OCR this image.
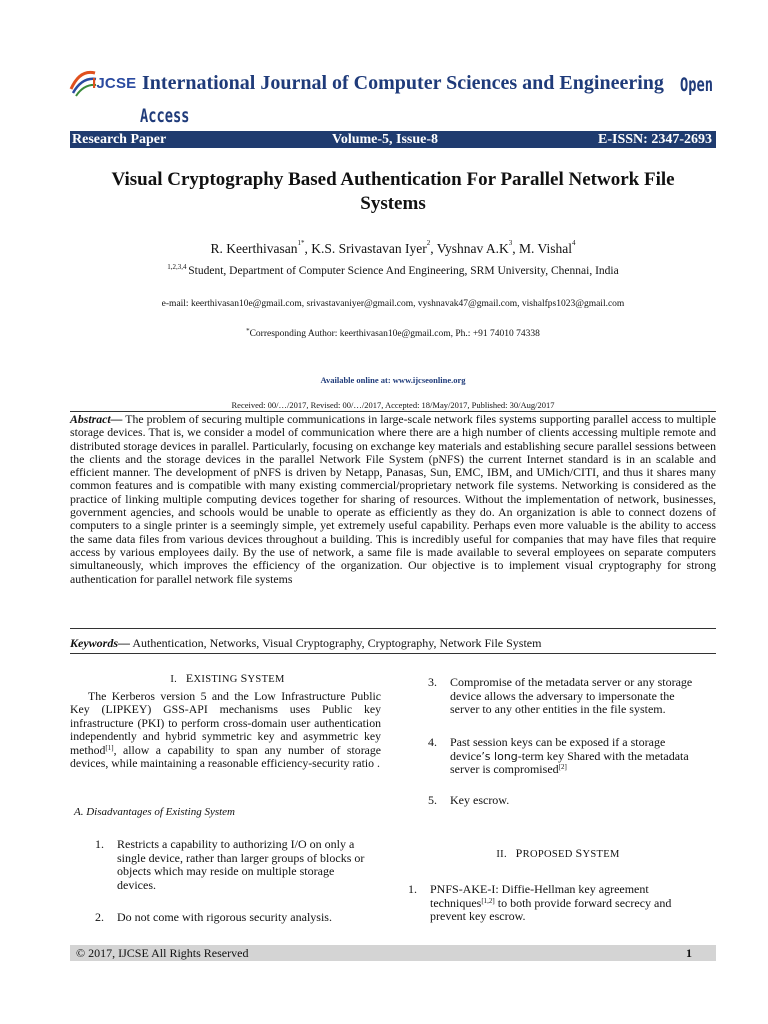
IJCSE International Journal of Computer Sciences and Engineering Open
Access
Research Paper	Volume-5, Issue-8	E-ISSN: 2347-2693
Visual Cryptography Based Authentication For Parallel Network File
Systems
R. Keerthivasan$^{1*}$, K.S. Srivastavan Iyer$^2$, Vyshnav $A.K^3$, M. Vishal$^4$
$^{1,2,3,4}$ Student, Department of Computer Science And Engineering, SRM University, Chennai, India
e-mail: keerthivasan10e@gmail.com, srivastavaniyer@gmail.com, vyshnavak47@gmail.com, vishalfps1023@gmail.com
*Corresponding Author: keerthivasan10e@gmail.com, Ph.: +91 74010 74338
Available online at: www.ijcseonline.org
Received: 00/…/2017, Revised: 00/…/2017, Accepted: 18/May/2017, Published: 30/Aug/2017
Abstract— The problem of securing multiple communications in large-scale network files systems supporting parallel access to multiple storage devices. That is, we consider a model of communication where there are a high number of clients accessing multiple remote and distributed storage devices in parallel. Particularly, focusing on exchange key materials and establishing secure parallel sessions between the clients and the storage devices in the parallel Network File System (pNFS) the current Internet standard is in an scalable and efficient manner. The development of pNFS is driven by Netapp, Panasas, Sun, EMC, IBM, and UMich/CITI, and thus it shares many common features and is compatible with many existing commercial/proprietary network file systems. Networking is considered as the practice of linking multiple computing devices together for sharing of resources. Without the implementation of network, businesses, government agencies, and schools would be unable to operate as efficiently as they do. An organization is able to connect dozens of computers to a single printer is a seemingly simple, yet extremely useful capability. Perhaps even more valuable is the ability to access the same data files from various devices throughout a building. This is incredibly useful for companies that may have files that require access by various employees daily. By the use of network, a same file is made available to several employees on separate computers simultaneously, which improves the efficiency of the organization. Our objective is to implement visual cryptography for strong authentication for parallel network file systems
Keywords— Authentication, Networks, Visual Cryptography, Cryptography, Network File System
I. EXISTING SYSTEM
The Kerberos version 5 and the Low Infrastructure Public Key (LIPKEY) GSS-API mechanisms uses Public key infrastructure (PKI) to perform cross-domain user authentication independently and hybrid symmetric key and asymmetric key method[1], allow a capability to span any number of storage devices, while maintaining a reasonable efficiency-security ratio .
A. Disadvantages of Existing System
1. Restricts a capability to authorizing I/O on only a
single device, rather than larger groups of blocks or
objects which may reside on multiple storage
devices.
2. Do not come with rigorous security analysis.
3. Compromise of the metadata server or any storage
device allows the adversary to impersonate the
server to any other entities in the file system.
4. Past session keys can be exposed if a storage
device’s long-term key Shared with the metadata
server is compromised[2]
5. Key escrow.
II. PROPOSED SYSTEM
1. PNFS-AKE-I: Diffie-Hellman key agreement
techniques[1,2] to both provide forward secrecy and
prevent key escrow.
© 2017, IJCSE All Rights Reserved	1
